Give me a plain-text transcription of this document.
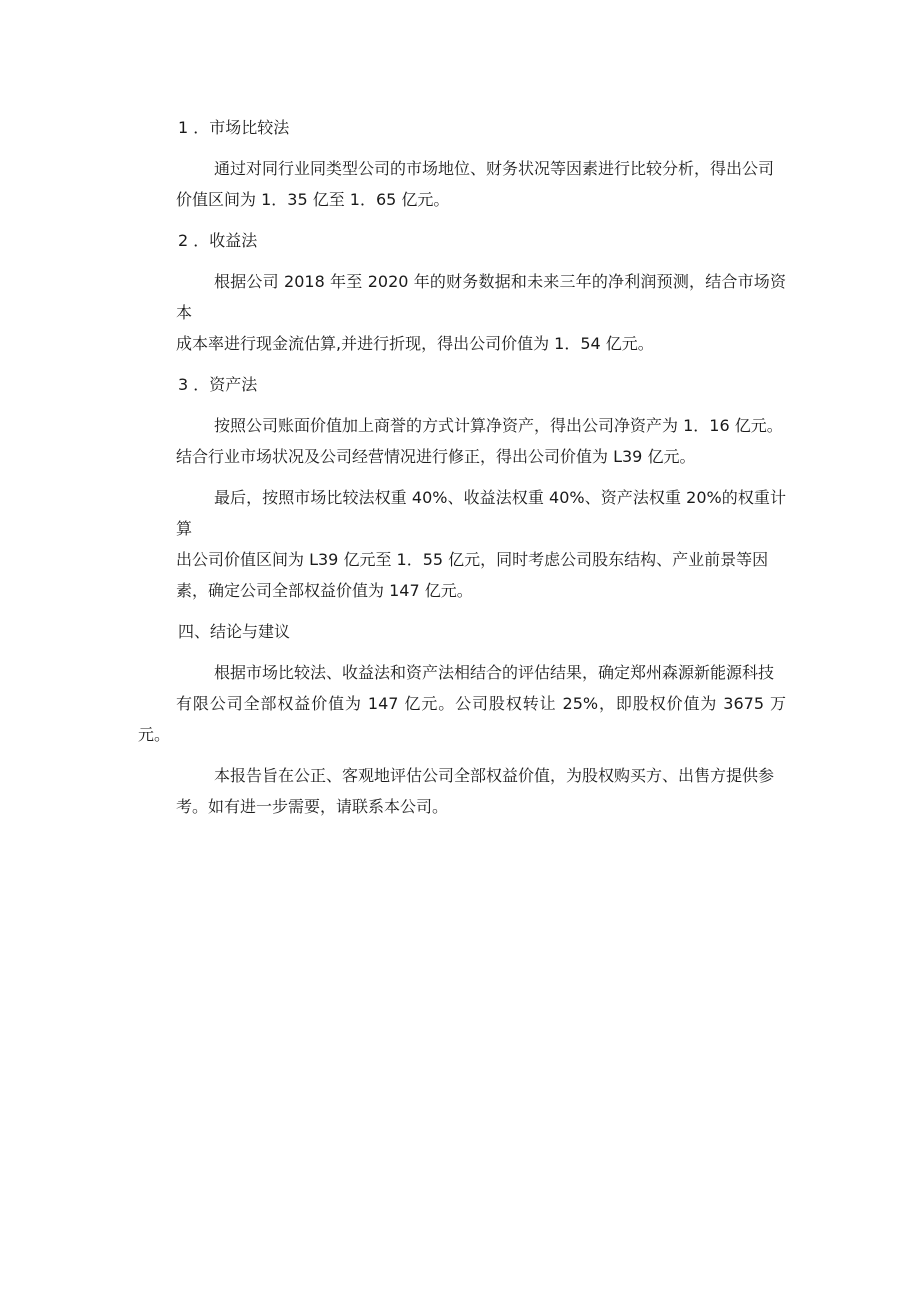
1 ．市场比较法
通过对同行业同类型公司的市场地位、财务状况等因素进行比较分析，得出公司
价值区间为 1．35 亿至 1．65 亿元。
2 ．收益法
根据公司 2018 年至 2020 年的财务数据和未来三年的净利润预测，结合市场资本
成本率进行现金流估算,并进行折现，得出公司价值为 1．54 亿元。
3 ．资产法
按照公司账面价值加上商誉的方式计算净资产，得出公司净资产为 1．16 亿元。
结合行业市场状况及公司经营情况进行修正，得出公司价值为 L39 亿元。
最后，按照市场比较法权重 40%、收益法权重 40%、资产法权重 20%的权重计算
出公司价值区间为 L39 亿元至 1．55 亿元，同时考虑公司股东结构、产业前景等因
素，确定公司全部权益价值为 147 亿元。
四、结论与建议
根据市场比较法、收益法和资产法相结合的评估结果，确定郑州森源新能源科技
有限公司全部权益价值为 147 亿元。公司股权转让 25%，即股权价值为 3675 万元。
本报告旨在公正、客观地评估公司全部权益价值，为股权购买方、出售方提供参
考。如有进一步需要，请联系本公司。
